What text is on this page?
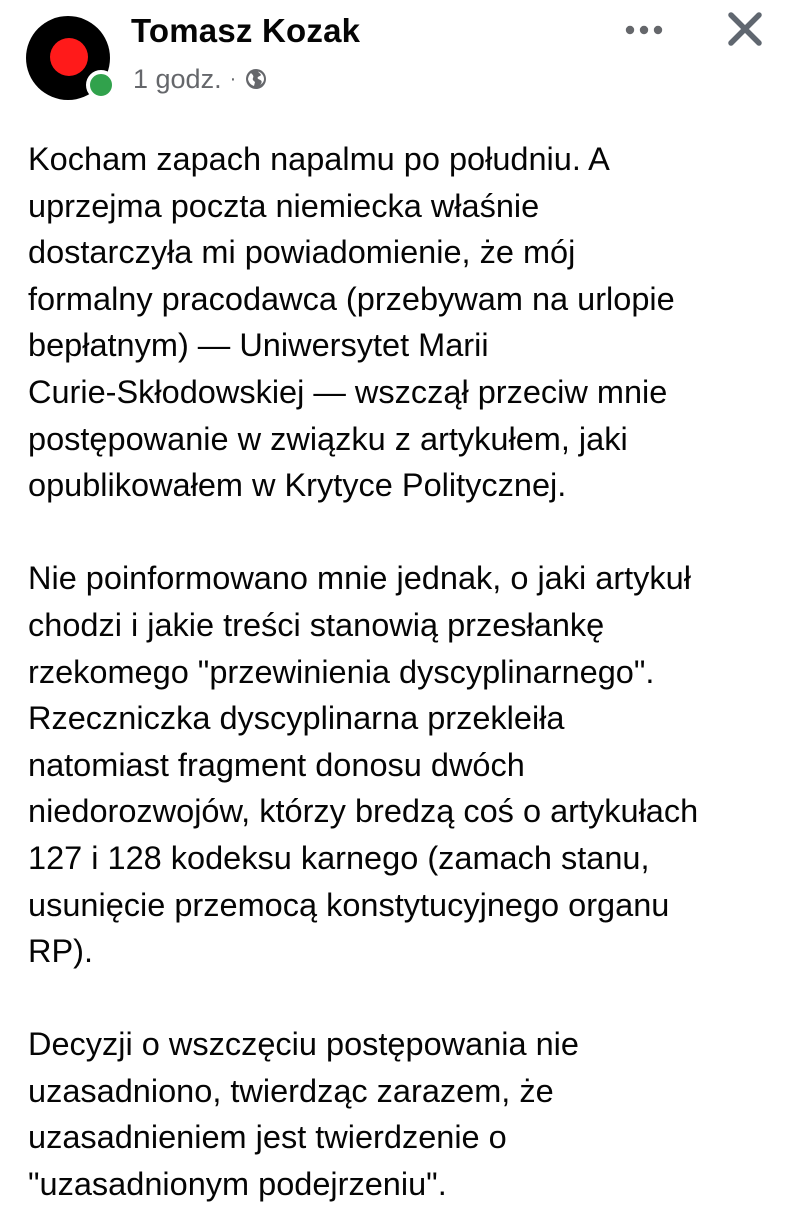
Tomasz Kozak
1 godz. ·

Kocham zapach napalmu po południu. A
uprzejma poczta niemiecka właśnie
dostarczyła mi powiadomienie, że mój
formalny pracodawca (przebywam na urlopie
bepłatnym) — Uniwersytet Marii
Curie-Skłodowskiej — wszczął przeciw mnie
postępowanie w związku z artykułem, jaki
opublikowałem w Krytyce Politycznej.

Nie poinformowano mnie jednak, o jaki artykuł
chodzi i jakie treści stanowią przesłankę
rzekomego "przewinienia dyscyplinarnego".
Rzeczniczka dyscyplinarna przekleiła
natomiast fragment donosu dwóch
niedorozwojów, którzy bredzą coś o artykułach
127 i 128 kodeksu karnego (zamach stanu,
usunięcie przemocą konstytucyjnego organu
RP).

Decyzji o wszczęciu postępowania nie
uzasadniono, twierdząc zarazem, że
uzasadnieniem jest twierdzenie o
"uzasadnionym podejrzeniu".
